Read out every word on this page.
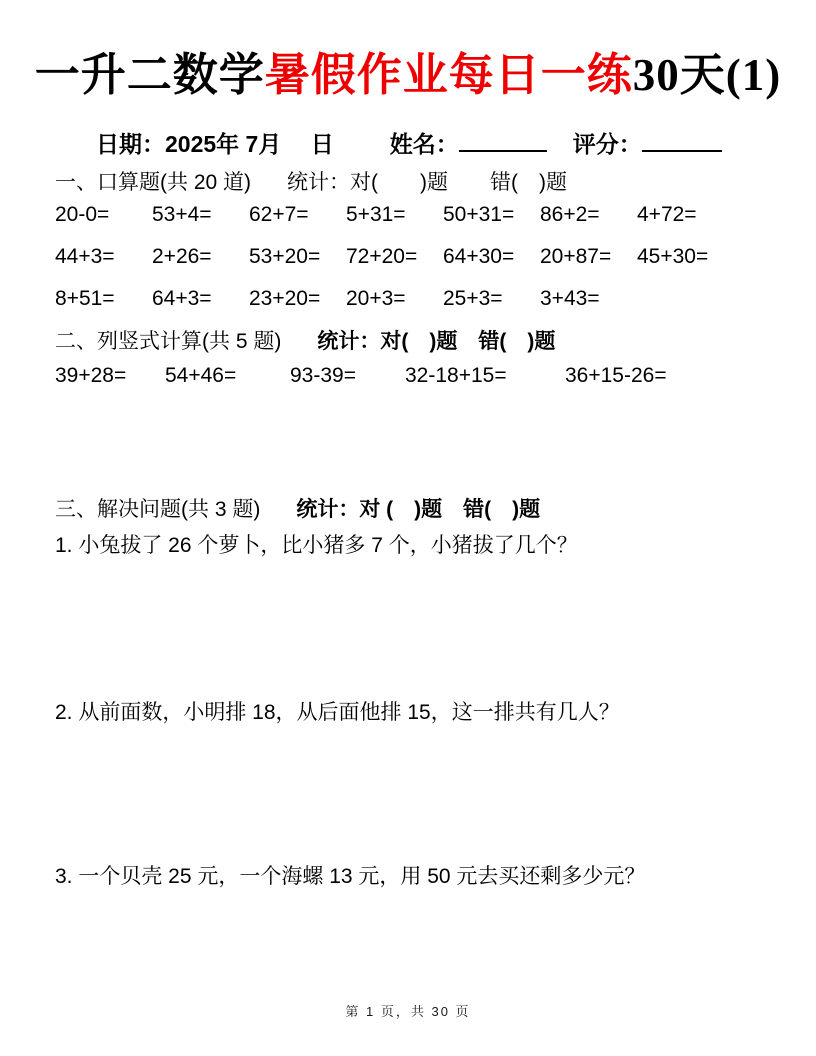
一升二数学暑假作业每日一练30天(1)
日期：2025年 7月　 日 姓名：	评分：
一、口算题(共 20 道) 统计：对(　　)题　　错(　)题
20-0=	53+4=	62+7=	5+31=	50+31=	86+2=	4+72=
44+3=	2+26=	53+20=	72+20=	64+30=	20+87=	45+30=
8+51=	64+3=	23+20=	20+3=	25+3=	3+43=
二、列竖式计算(共 5 题) 统计：对(　)题　错(　)题
39+28=	54+46=	93-39=	32-18+15=	36+15-26=
三、解决问题(共 3 题) 统计：对 (　)题　错(　)题
1. 小兔拔了 26 个萝卜，比小猪多 7 个，小猪拔了几个？
2. 从前面数，小明排 18，从后面他排 15，这一排共有几人？
3. 一个贝壳 25 元，一个海螺 13 元，用 50 元去买还剩多少元？
第 1 页，共 30 页
